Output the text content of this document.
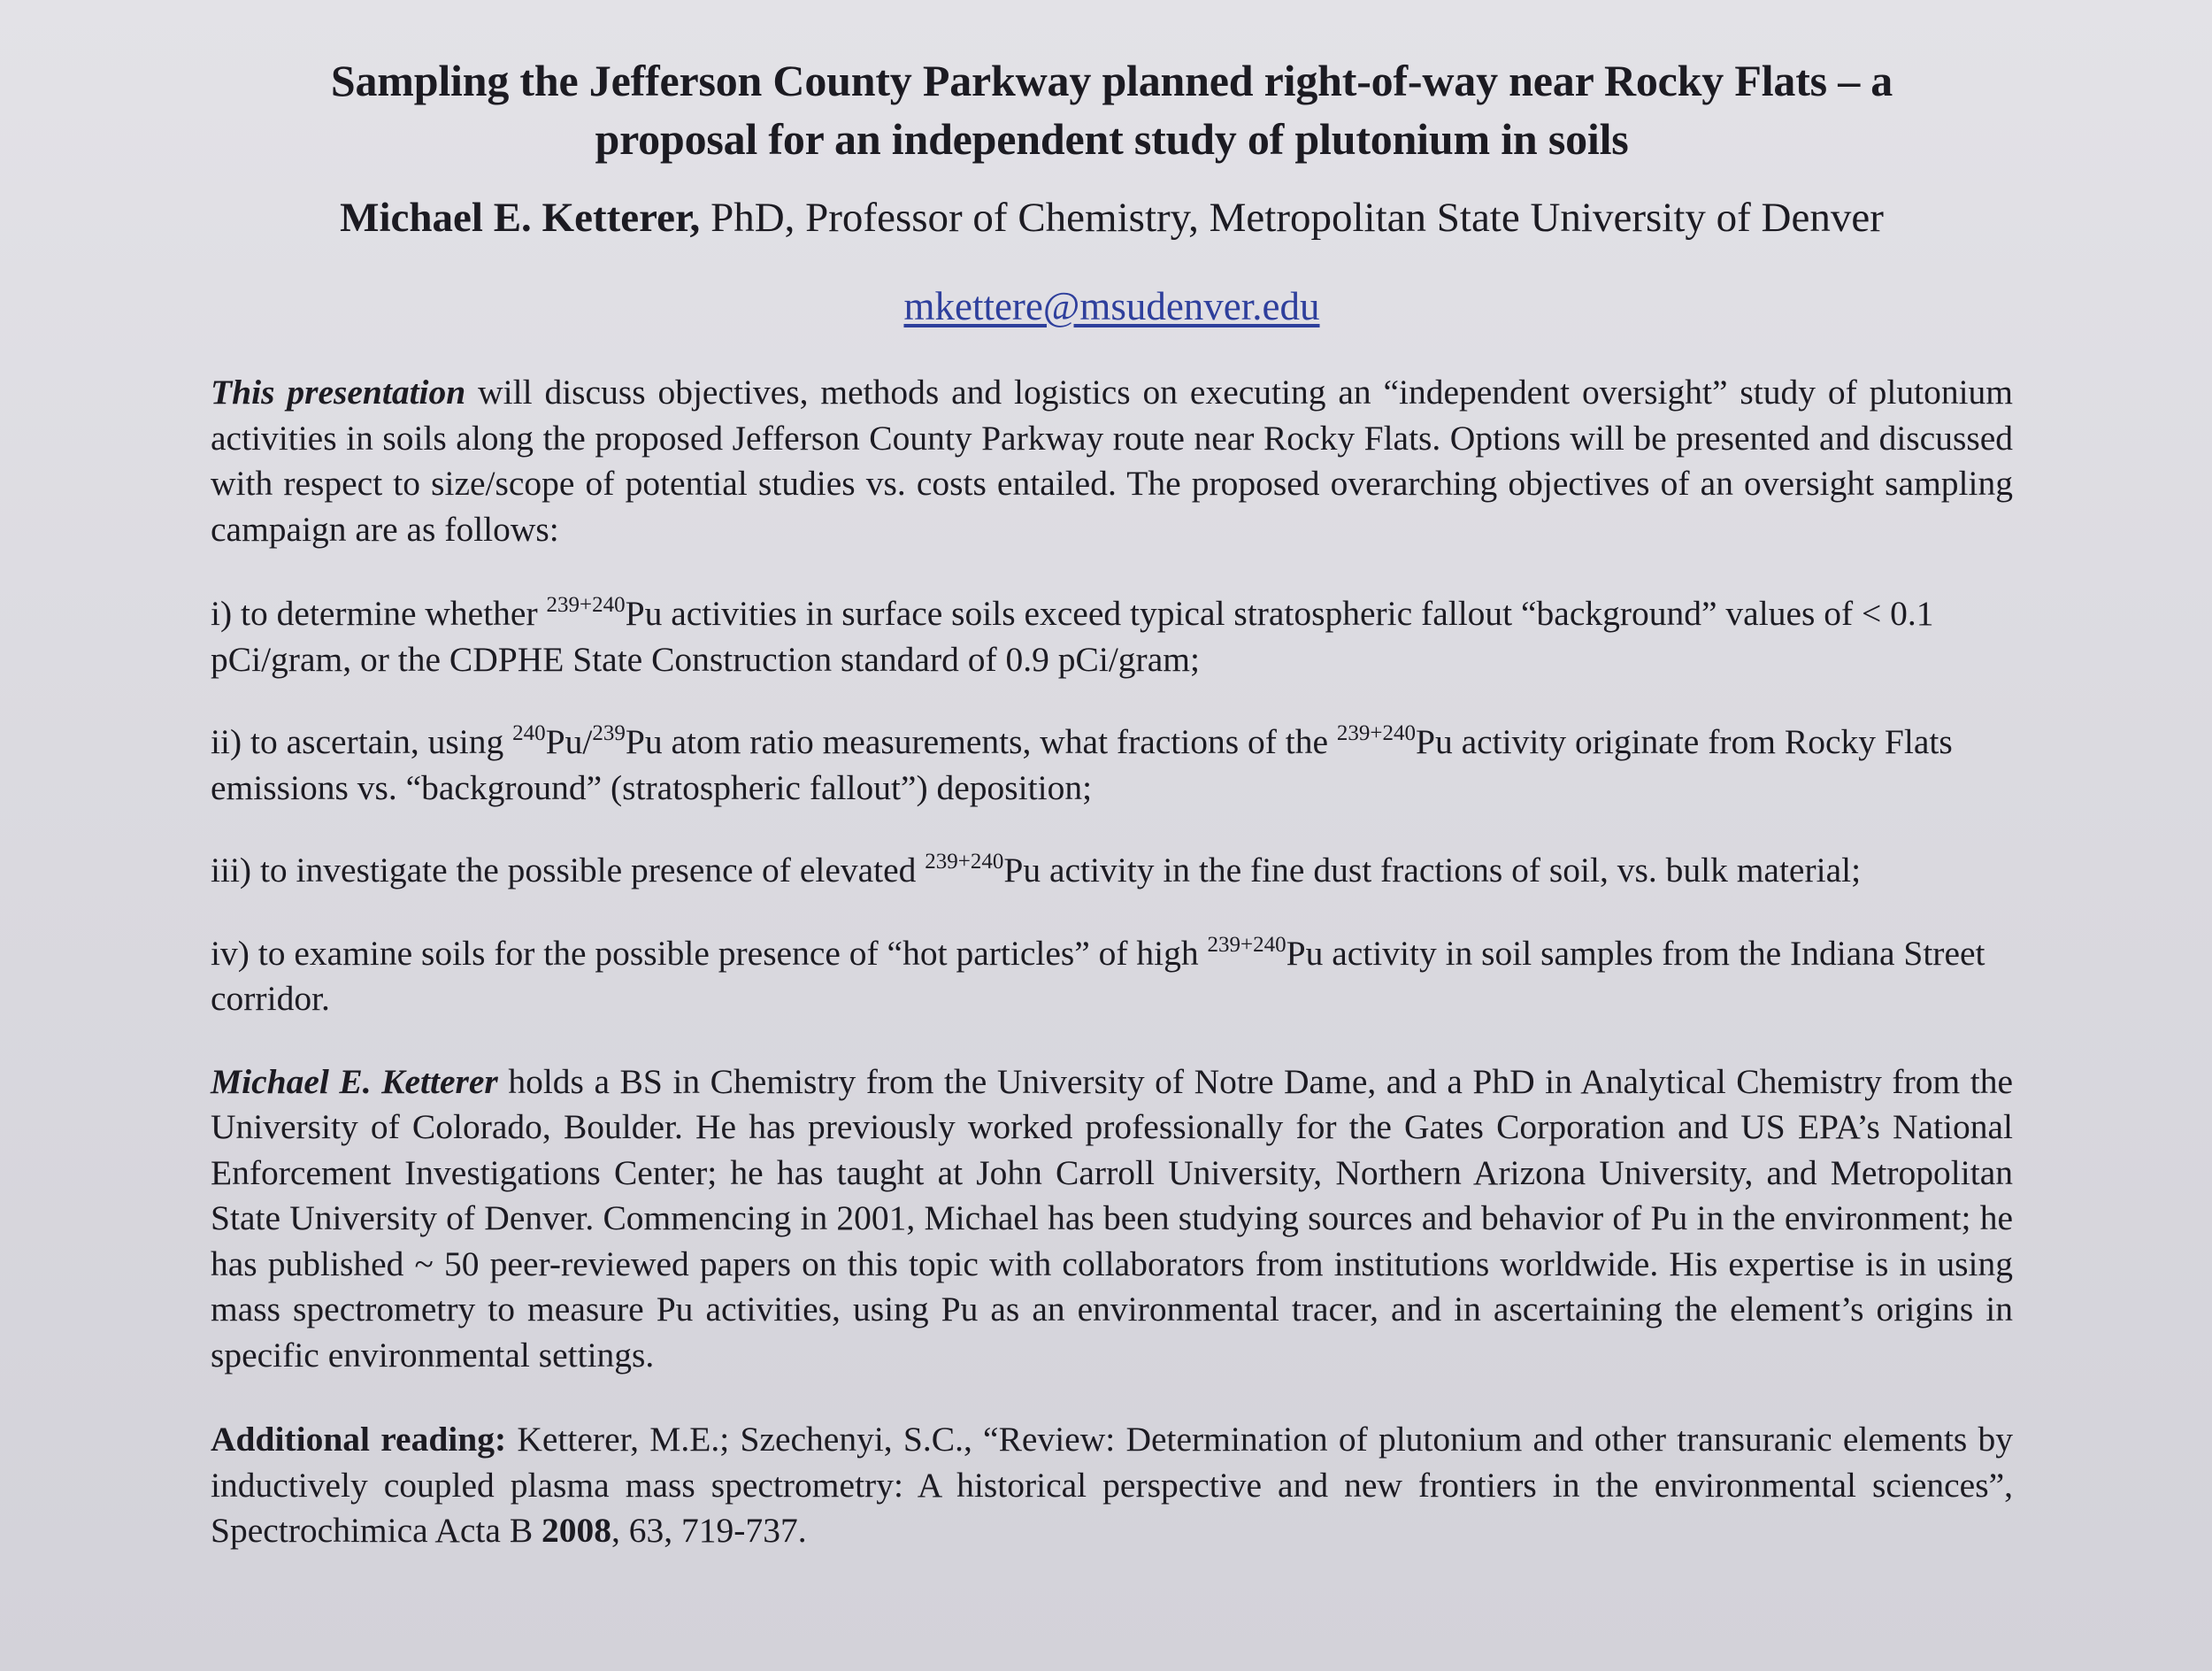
Sampling the Jefferson County Parkway planned right-of-way near Rocky Flats – a
proposal for an independent study of plutonium in soils
Michael E. Ketterer, PhD, Professor of Chemistry, Metropolitan State University of Denver
mkettere@msudenver.edu

This presentation will discuss objectives, methods and logistics on executing an “independent oversight” study of plutonium activities in soils along the proposed Jefferson County Parkway route near Rocky Flats. Options will be presented and discussed with respect to size/scope of potential studies vs. costs entailed. The proposed overarching objectives of an oversight sampling campaign are as follows:

i) to determine whether $^{239+240}$Pu activities in surface soils exceed typical stratospheric fallout “background” values of < 0.1 pCi/gram, or the CDPHE State Construction standard of 0.9 pCi/gram;

ii) to ascertain, using $^{240}$Pu/$^{239}$Pu atom ratio measurements, what fractions of the $^{239+240}$Pu activity originate from Rocky Flats emissions vs. “background” (stratospheric fallout”) deposition;

iii) to investigate the possible presence of elevated $^{239+240}$Pu activity in the fine dust fractions of soil, vs. bulk material;

iv) to examine soils for the possible presence of “hot particles” of high $^{239+240}$Pu activity in soil samples from the Indiana Street corridor.

Michael E. Ketterer holds a BS in Chemistry from the University of Notre Dame, and a PhD in Analytical Chemistry from the University of Colorado, Boulder. He has previously worked professionally for the Gates Corporation and US EPA’s National Enforcement Investigations Center; he has taught at John Carroll University, Northern Arizona University, and Metropolitan State University of Denver. Commencing in 2001, Michael has been studying sources and behavior of Pu in the environment; he has published ~ 50 peer-reviewed papers on this topic with collaborators from institutions worldwide. His expertise is in using mass spectrometry to measure Pu activities, using Pu as an environmental tracer, and in ascertaining the element’s origins in specific environmental settings.

Additional reading: Ketterer, M.E.; Szechenyi, S.C., “Review: Determination of plutonium and other transuranic elements by inductively coupled plasma mass spectrometry: A historical perspective and new frontiers in the environmental sciences”, Spectrochimica Acta B 2008, 63, 719-737.
